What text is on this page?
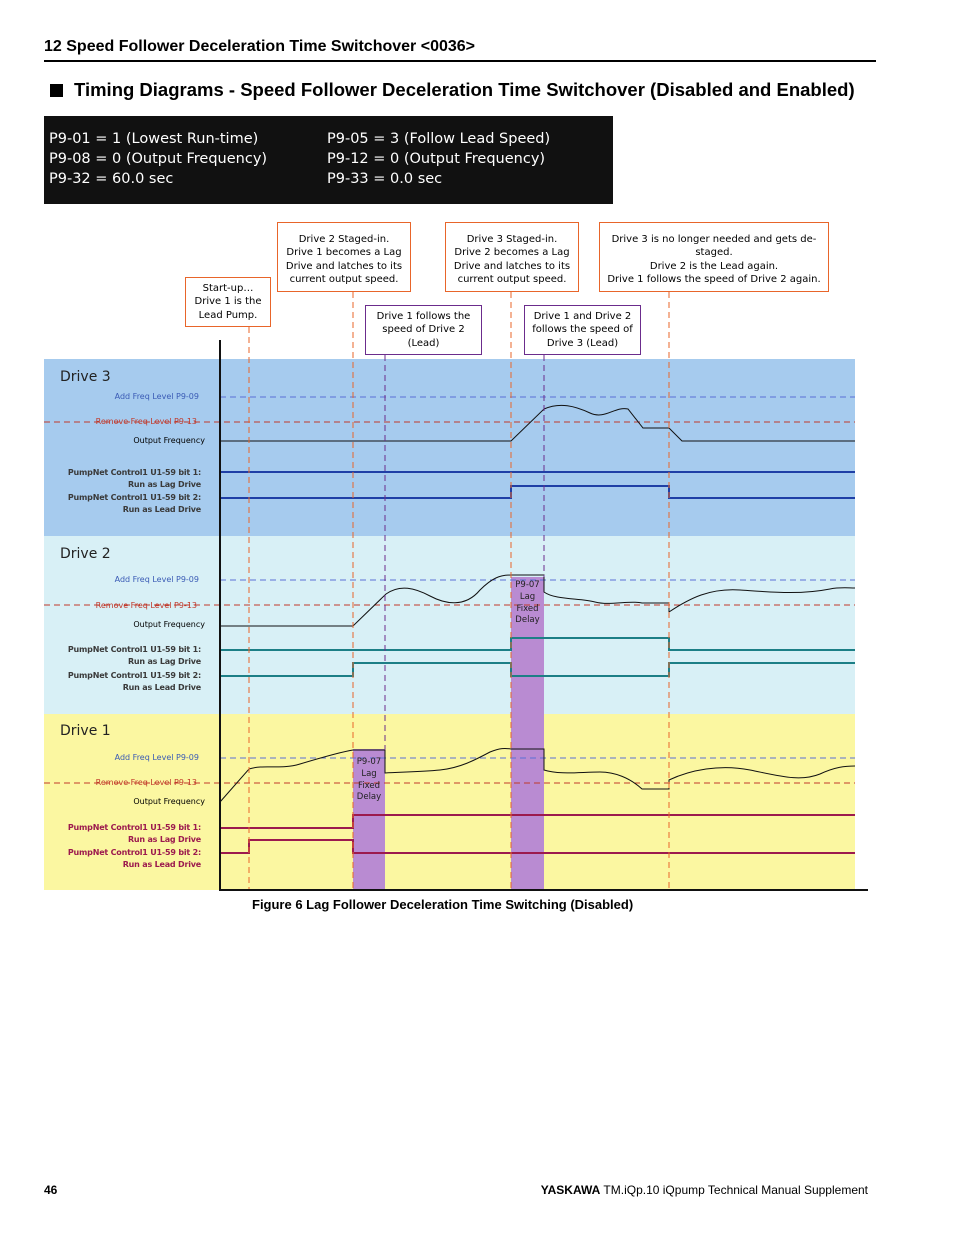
12 Speed Follower Deceleration Time Switchover <0036>
Timing Diagrams - Speed Follower Deceleration Time Switchover (Disabled and Enabled)
P9-01 = 1 (Lowest Run-time)
P9-08 = 0 (Output Frequency)
P9-32 = 60.0 sec
P9-05 = 3 (Follow Lead Speed)
P9-12 = 0 (Output Frequency)
P9-33 = 0.0 sec
Start-up…
Drive 1 is the
Lead Pump.
Drive 2 Staged-in.
Drive 1 becomes a Lag
Drive and latches to its
current output speed.
Drive 3 Staged-in.
Drive 2 becomes a Lag
Drive and latches to its
current output speed.
Drive 3 is no longer needed and gets de-
staged.
Drive 2 is the Lead again.
Drive 1 follows the speed of Drive 2 again.
Drive 1 follows the
speed of Drive 2
(Lead)
Drive 1 and Drive 2
follows the speed of
Drive 3 (Lead)
Drive 3
Drive 2
Drive 1
Add Freq Level P9-09
Remove Freq Level P9-13
Output Frequency
PumpNet Control1 U1-59 bit 1:
Run as Lag Drive
PumpNet Control1 U1-59 bit 2:
Run as Lead Drive
Add Freq Level P9-09
Remove Freq Level P9-13
Output Frequency
PumpNet Control1 U1-59 bit 1:
Run as Lag Drive
PumpNet Control1 U1-59 bit 2:
Run as Lead Drive
Add Freq Level P9-09
Remove Freq Level P9-13
Output Frequency
PumpNet Control1 U1-59 bit 1:
Run as Lag Drive
PumpNet Control1 U1-59 bit 2:
Run as Lead Drive
P9-07
Lag
Fixed
Delay
P9-07
Lag
Fixed
Delay
Figure 6 Lag Follower Deceleration Time Switching (Disabled)
46	YASKAWA TM.iQp.10 iQpump Technical Manual Supplement
